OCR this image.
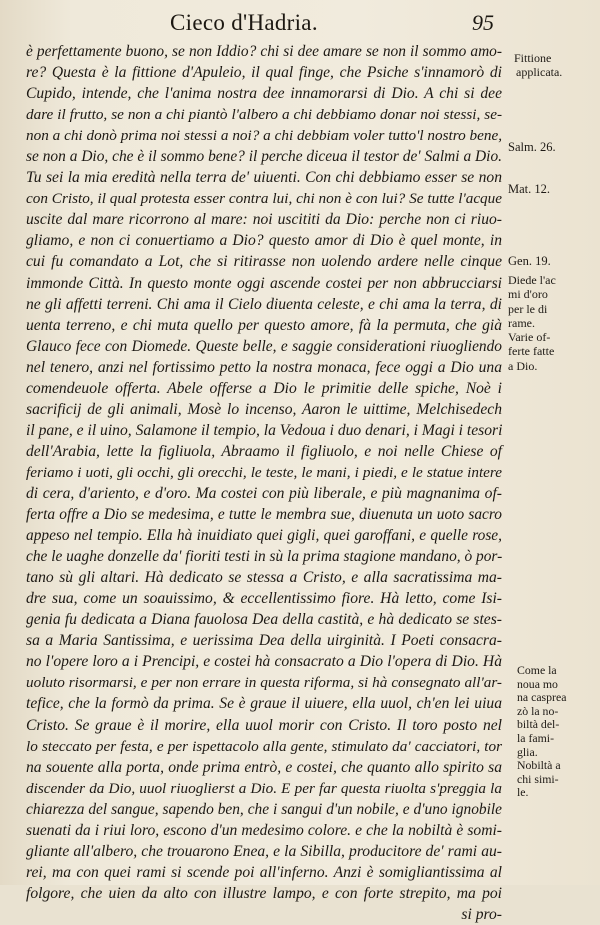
Cieco d'Hadria.	95
è perfettamente buono, se non Iddio? chi si dee amare se non il sommo amo-
re? Questa è la fittione d'Apuleio, il qual finge, che Psiche s'innamorò di
Cupido, intende, che l'anima nostra dee innamorarsi di Dio. A chi si dee
dare il frutto, se non a chi piantò l'albero a chi debbiamo donar noi stessi, se-
non a chi donò prima noi stessi a noi? a chi debbiam voler tutto'l nostro bene,
se non a Dio, che è il sommo bene? il perche diceua il testor de' Salmi a Dio.
Tu sei la mia eredità nella terra de' uiuenti. Con chi debbiamo esser se non
con Cristo, il qual protesta esser contra lui, chi non è con lui? Se tutte l'acque
uscite dal mare ricorrono al mare: noi uscititi da Dio: perche non ci riuo-
gliamo, e non ci conuertiamo a Dio? questo amor di Dio è quel monte, in
cui fu comandato a Lot, che si ritirasse non uolendo ardere nelle cinque
immonde Città. In questo monte oggi ascende costei per non abbrucciarsi
ne gli affetti terreni. Chi ama il Cielo diuenta celeste, e chi ama la terra, di
uenta terreno, e chi muta quello per questo amore, fà la permuta, che già
Glauco fece con Diomede. Queste belle, e saggie considerationi riuogliendo
nel tenero, anzi nel fortissimo petto la nostra monaca, fece oggi a Dio una
comendeuole offerta. Abele offerse a Dio le primitie delle spiche, Noè i
sacrificij de gli animali, Mosè lo incenso, Aaron le uittime, Melchisedech
il pane, e il uino, Salamone il tempio, la Vedoua i duo denari, i Magi i tesori
dell'Arabia, lette la figliuola, Abraamo il figliuolo, e noi nelle Chiese of
feriamo i uoti, gli occhi, gli orecchi, le teste, le mani, i piedi, e le statue intere
di cera, d'ariento, e d'oro. Ma costei con più liberale, e più magnanima of-
ferta offre a Dio se medesima, e tutte le membra sue, diuenuta un uoto sacro
appeso nel tempio. Ella hà inuidiato quei gigli, quei garoffani, e quelle rose,
che le uaghe donzelle da' fioriti testi in sù la prima stagione mandano, ò por-
tano sù gli altari. Hà dedicato se stessa a Cristo, e alla sacratissima ma-
dre sua, come un soauissimo, & eccellentissimo fiore. Hà letto, come Isi-
genia fu dedicata a Diana fauolosa Dea della castità, e hà dedicato se stes-
sa a Maria Santissima, e uerissima Dea della uirginità. I Poeti consacra-
no l'opere loro a i Prencipi, e costei hà consacrato a Dio l'opera di Dio. Hà
uoluto risormarsi, e per non errare in questa riforma, si hà consegnato all'ar-
tefice, che la formò da prima. Se è graue il uiuere, ella uuol, ch'en lei uiua
Cristo. Se graue è il morire, ella uuol morir con Cristo. Il toro posto nel
lo steccato per festa, e per ispettacolo alla gente, stimulato da' cacciatori, tor
na souente alla porta, onde prima entrò, e costei, che quanto allo spirito sa
discender da Dio, uuol riuoglierst a Dio. E per far questa riuolta s'preggia la
chiarezza del sangue, sapendo ben, che i sangui d'un nobile, e d'uno ignobile
suenati da i riui loro, escono d'un medesimo colore. e che la nobiltà è somi-
gliante all'albero, che trouarono Enea, e la Sibilla, producitore de' rami au-
rei, ma con quei rami si scende poi all'inferno. Anzi è somigliantissima al
folgore, che uien da alto con illustre lampo, e con forte strepito, ma poi
si pro-
Fittione
applicata.
Salm. 26.
Mat. 12.
Gen. 19.
Diede l'ac
mi d'oro
per le di
rame.
Varie of-
ferte fatte
a Dio.
Come la
noua mo
na casprea
zò la no-
biltà del-
la fami-
glia.
Nobiltà a
chi simi-
le.
